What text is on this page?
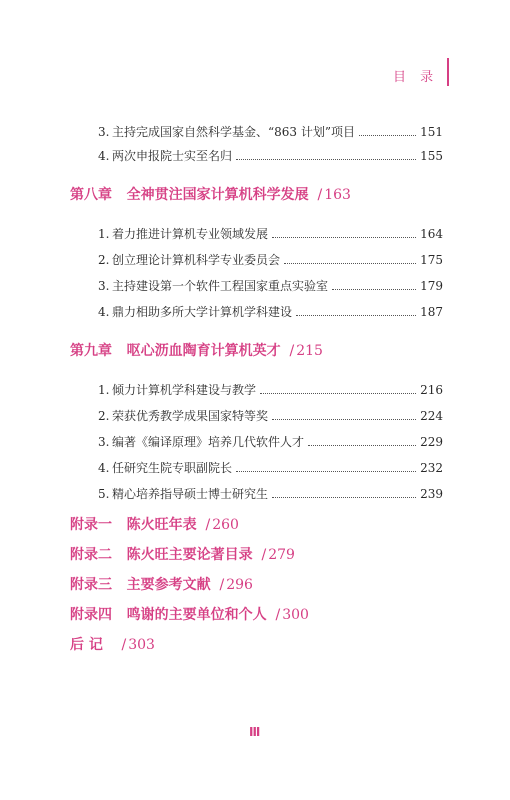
目 录
3. 主持完成国家自然科学基金、“863 计划”项目	151
4. 两次申报院士实至名归	155
第八章 全神贯注国家计算机科学发展 / 163
1. 着力推进计算机专业领域发展	164
2. 创立理论计算机科学专业委员会	175
3. 主持建设第一个软件工程国家重点实验室	179
4. 鼎力相助多所大学计算机学科建设	187
第九章 呕心沥血陶育计算机英才 / 215
1. 倾力计算机学科建设与教学	216
2. 荣获优秀教学成果国家特等奖	224
3. 编著《编译原理》培养几代软件人才	229
4. 任研究生院专职副院长	232
5. 精心培养指导硕士博士研究生	239
附录一 陈火旺年表 / 260
附录二 陈火旺主要论著目录 / 279
附录三 主要参考文献 / 296
附录四 鸣谢的主要单位和个人 / 300
后 记 / 303
III
